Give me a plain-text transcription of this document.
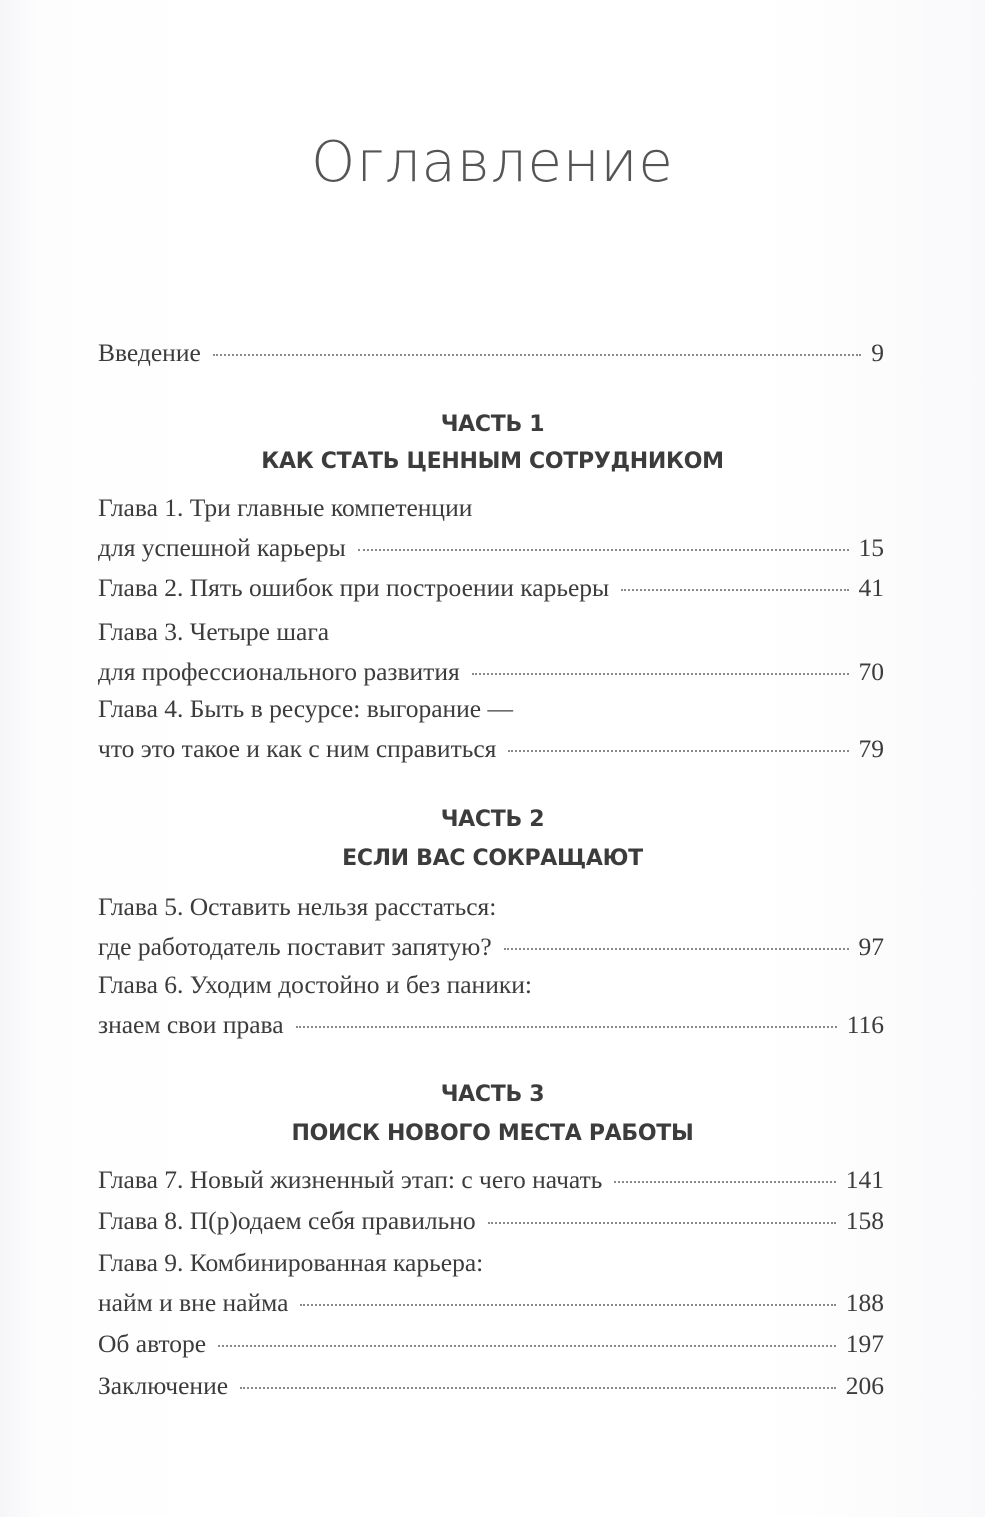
Оглавление
Введение	9
ЧАСТЬ 1
КАК СТАТЬ ЦЕННЫМ СОТРУДНИКОМ
Глава 1. Три главные компетенции
для успешной карьеры	15
Глава 2. Пять ошибок при построении карьеры	41
Глава 3. Четыре шага
для профессионального развития	70
Глава 4. Быть в ресурсе: выгорание —
что это такое и как с ним справиться	79
ЧАСТЬ 2
ЕСЛИ ВАС СОКРАЩАЮТ
Глава 5. Оставить нельзя расстаться:
где работодатель поставит запятую?	97
Глава 6. Уходим достойно и без паники:
знаем свои права	116
ЧАСТЬ 3
ПОИСК НОВОГО МЕСТА РАБОТЫ
Глава 7. Новый жизненный этап: с чего начать	141
Глава 8. П(р)одаем себя правильно	158
Глава 9. Комбинированная карьера:
найм и вне найма	188
Об авторе	197
Заключение	206
